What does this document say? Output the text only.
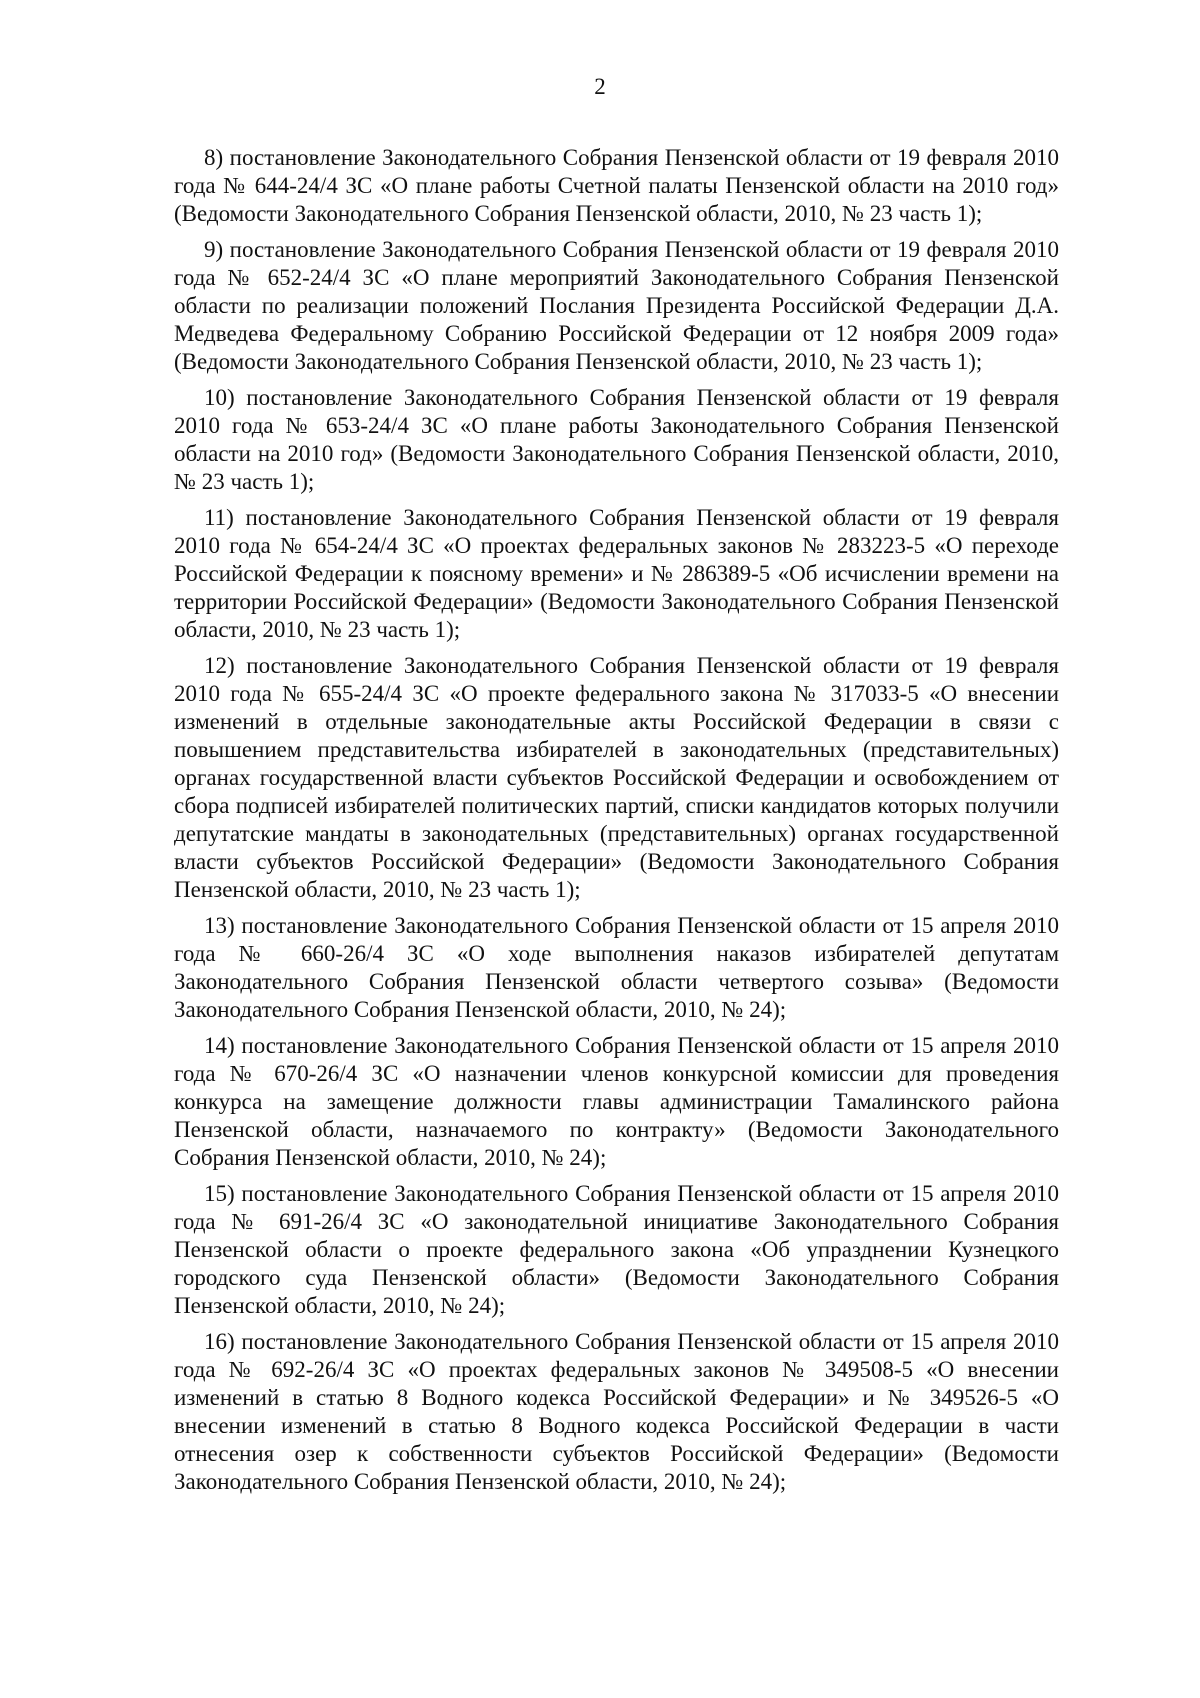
2

8) постановление Законодательного Собрания Пензенской области от 19 февраля 2010 года № 644-24/4 ЗС «О плане работы Счетной палаты Пензенской области на 2010 год» (Ведомости Законодательного Собрания Пензенской области, 2010, № 23 часть 1);

9) постановление Законодательного Собрания Пензенской области от 19 февраля 2010 года № 652-24/4 ЗС «О плане мероприятий Законодательного Собрания Пензенской области по реализации положений Послания Президента Российской Федерации Д.А. Медведева Федеральному Собранию Российской Федерации от 12 ноября 2009 года» (Ведомости Законодательного Собрания Пензенской области, 2010, № 23 часть 1);

10) постановление Законодательного Собрания Пензенской области от 19 февраля 2010 года № 653-24/4 ЗС «О плане работы Законодательного Собрания Пензенской области на 2010 год» (Ведомости Законодательного Собрания Пензенской области, 2010, № 23 часть 1);

11) постановление Законодательного Собрания Пензенской области от 19 февраля 2010 года № 654-24/4 ЗС «О проектах федеральных законов № 283223-5 «О переходе Российской Федерации к поясному времени» и № 286389-5 «Об исчислении времени на территории Российской Федерации» (Ведомости Законодательного Собрания Пензенской области, 2010, № 23 часть 1);

12) постановление Законодательного Собрания Пензенской области от 19 февраля 2010 года № 655-24/4 ЗС «О проекте федерального закона № 317033-5 «О внесении изменений в отдельные законодательные акты Российской Федерации в связи с повышением представительства избирателей в законодательных (представительных) органах государственной власти субъектов Российской Федерации и освобождением от сбора подписей избирателей политических партий, списки кандидатов которых получили депутатские мандаты в законодательных (представительных) органах государственной власти субъектов Российской Федерации» (Ведомости Законодательного Собрания Пензенской области, 2010, № 23 часть 1);

13) постановление Законодательного Собрания Пензенской области от 15 апреля 2010 года № 660-26/4 ЗС «О ходе выполнения наказов избирателей депутатам Законодательного Собрания Пензенской области четвертого созыва» (Ведомости Законодательного Собрания Пензенской области, 2010, № 24);

14) постановление Законодательного Собрания Пензенской области от 15 апреля 2010 года № 670-26/4 ЗС «О назначении членов конкурсной комиссии для проведения конкурса на замещение должности главы администрации Тамалинского района Пензенской области, назначаемого по контракту» (Ведомости Законодательного Собрания Пензенской области, 2010, № 24);

15) постановление Законодательного Собрания Пензенской области от 15 апреля 2010 года № 691-26/4 ЗС «О законодательной инициативе Законодательного Собрания Пензенской области о проекте федерального закона «Об упразднении Кузнецкого городского суда Пензенской области» (Ведомости Законодательного Собрания Пензенской области, 2010, № 24);

16) постановление Законодательного Собрания Пензенской области от 15 апреля 2010 года № 692-26/4 ЗС «О проектах федеральных законов № 349508-5 «О внесении изменений в статью 8 Водного кодекса Российской Федерации» и № 349526-5 «О внесении изменений в статью 8 Водного кодекса Российской Федерации в части отнесения озер к собственности субъектов Российской Федерации» (Ведомости Законодательного Собрания Пензенской области, 2010, № 24);
